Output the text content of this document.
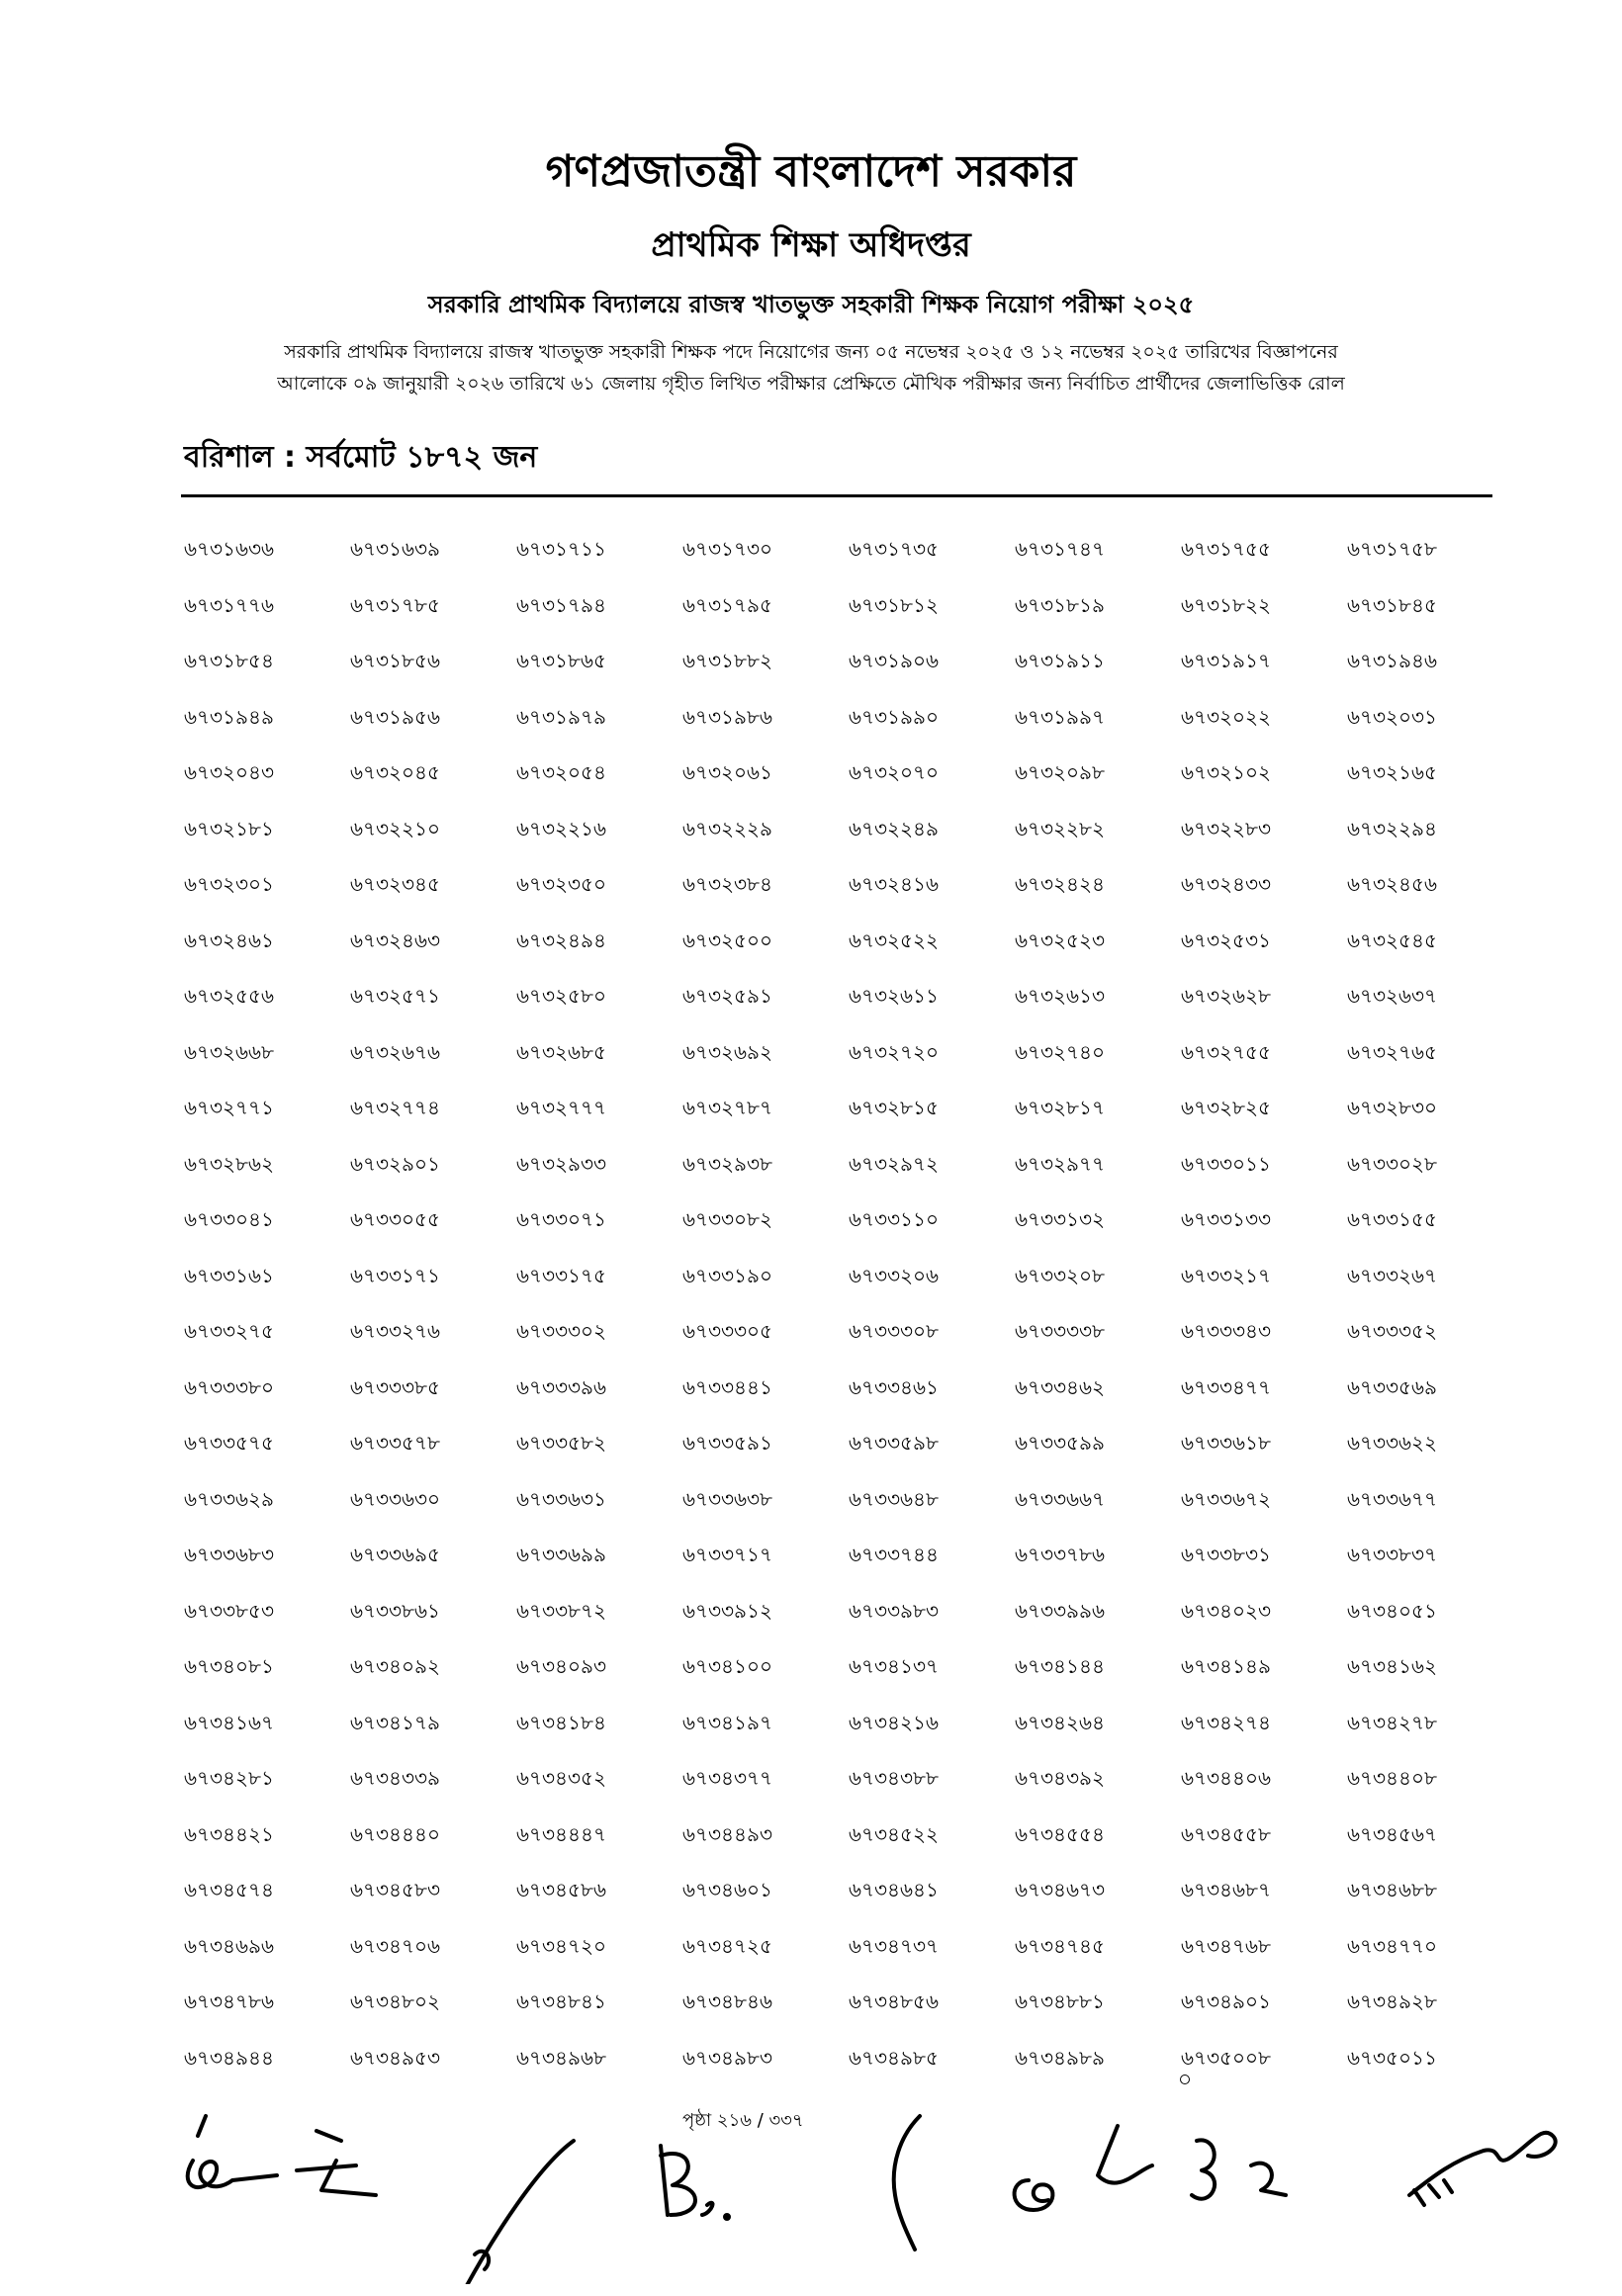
গণপ্রজাতন্ত্রী বাংলাদেশ সরকার
প্রাথমিক শিক্ষা অধিদপ্তর
সরকারি প্রাথমিক বিদ্যালয়ে রাজস্ব খাতভুক্ত সহকারী শিক্ষক নিয়োগ পরীক্ষা ২০২৫
সরকারি প্রাথমিক বিদ্যালয়ে রাজস্ব খাতভুক্ত সহকারী শিক্ষক পদে নিয়োগের জন্য ০৫ নভেম্বর ২০২৫ ও ১২ নভেম্বর ২০২৫ তারিখের বিজ্ঞাপনের
আলোকে ০৯ জানুয়ারী ২০২৬ তারিখে ৬১ জেলায় গৃহীত লিখিত পরীক্ষার প্রেক্ষিতে মৌখিক পরীক্ষার জন্য নির্বাচিত প্রার্থীদের জেলাভিত্তিক রোল
বরিশাল : সর্বমোট ১৮৭২ জন
৬৭৩১৬৩৬	৬৭৩১৬৩৯	৬৭৩১৭১১	৬৭৩১৭৩০	৬৭৩১৭৩৫	৬৭৩১৭৪৭	৬৭৩১৭৫৫	৬৭৩১৭৫৮
৬৭৩১৭৭৬	৬৭৩১৭৮৫	৬৭৩১৭৯৪	৬৭৩১৭৯৫	৬৭৩১৮১২	৬৭৩১৮১৯	৬৭৩১৮২২	৬৭৩১৮৪৫
৬৭৩১৮৫৪	৬৭৩১৮৫৬	৬৭৩১৮৬৫	৬৭৩১৮৮২	৬৭৩১৯০৬	৬৭৩১৯১১	৬৭৩১৯১৭	৬৭৩১৯৪৬
৬৭৩১৯৪৯	৬৭৩১৯৫৬	৬৭৩১৯৭৯	৬৭৩১৯৮৬	৬৭৩১৯৯০	৬৭৩১৯৯৭	৬৭৩২০২২	৬৭৩২০৩১
৬৭৩২০৪৩	৬৭৩২০৪৫	৬৭৩২০৫৪	৬৭৩২০৬১	৬৭৩২০৭০	৬৭৩২০৯৮	৬৭৩২১০২	৬৭৩২১৬৫
৬৭৩২১৮১	৬৭৩২২১০	৬৭৩২২১৬	৬৭৩২২২৯	৬৭৩২২৪৯	৬৭৩২২৮২	৬৭৩২২৮৩	৬৭৩২২৯৪
৬৭৩২৩০১	৬৭৩২৩৪৫	৬৭৩২৩৫০	৬৭৩২৩৮৪	৬৭৩২৪১৬	৬৭৩২৪২৪	৬৭৩২৪৩৩	৬৭৩২৪৫৬
৬৭৩২৪৬১	৬৭৩২৪৬৩	৬৭৩২৪৯৪	৬৭৩২৫০০	৬৭৩২৫২২	৬৭৩২৫২৩	৬৭৩২৫৩১	৬৭৩২৫৪৫
৬৭৩২৫৫৬	৬৭৩২৫৭১	৬৭৩২৫৮০	৬৭৩২৫৯১	৬৭৩২৬১১	৬৭৩২৬১৩	৬৭৩২৬২৮	৬৭৩২৬৩৭
৬৭৩২৬৬৮	৬৭৩২৬৭৬	৬৭৩২৬৮৫	৬৭৩২৬৯২	৬৭৩২৭২০	৬৭৩২৭৪০	৬৭৩২৭৫৫	৬৭৩২৭৬৫
৬৭৩২৭৭১	৬৭৩২৭৭৪	৬৭৩২৭৭৭	৬৭৩২৭৮৭	৬৭৩২৮১৫	৬৭৩২৮১৭	৬৭৩২৮২৫	৬৭৩২৮৩০
৬৭৩২৮৬২	৬৭৩২৯০১	৬৭৩২৯৩৩	৬৭৩২৯৩৮	৬৭৩২৯৭২	৬৭৩২৯৭৭	৬৭৩৩০১১	৬৭৩৩০২৮
৬৭৩৩০৪১	৬৭৩৩০৫৫	৬৭৩৩০৭১	৬৭৩৩০৮২	৬৭৩৩১১০	৬৭৩৩১৩২	৬৭৩৩১৩৩	৬৭৩৩১৫৫
৬৭৩৩১৬১	৬৭৩৩১৭১	৬৭৩৩১৭৫	৬৭৩৩১৯০	৬৭৩৩২০৬	৬৭৩৩২০৮	৬৭৩৩২১৭	৬৭৩৩২৬৭
৬৭৩৩২৭৫	৬৭৩৩২৭৬	৬৭৩৩৩০২	৬৭৩৩৩০৫	৬৭৩৩৩০৮	৬৭৩৩৩৩৮	৬৭৩৩৩৪৩	৬৭৩৩৩৫২
৬৭৩৩৩৮০	৬৭৩৩৩৮৫	৬৭৩৩৩৯৬	৬৭৩৩৪৪১	৬৭৩৩৪৬১	৬৭৩৩৪৬২	৬৭৩৩৪৭৭	৬৭৩৩৫৬৯
৬৭৩৩৫৭৫	৬৭৩৩৫৭৮	৬৭৩৩৫৮২	৬৭৩৩৫৯১	৬৭৩৩৫৯৮	৬৭৩৩৫৯৯	৬৭৩৩৬১৮	৬৭৩৩৬২২
৬৭৩৩৬২৯	৬৭৩৩৬৩০	৬৭৩৩৬৩১	৬৭৩৩৬৩৮	৬৭৩৩৬৪৮	৬৭৩৩৬৬৭	৬৭৩৩৬৭২	৬৭৩৩৬৭৭
৬৭৩৩৬৮৩	৬৭৩৩৬৯৫	৬৭৩৩৬৯৯	৬৭৩৩৭১৭	৬৭৩৩৭৪৪	৬৭৩৩৭৮৬	৬৭৩৩৮৩১	৬৭৩৩৮৩৭
৬৭৩৩৮৫৩	৬৭৩৩৮৬১	৬৭৩৩৮৭২	৬৭৩৩৯১২	৬৭৩৩৯৮৩	৬৭৩৩৯৯৬	৬৭৩৪০২৩	৬৭৩৪০৫১
৬৭৩৪০৮১	৬৭৩৪০৯২	৬৭৩৪০৯৩	৬৭৩৪১০০	৬৭৩৪১৩৭	৬৭৩৪১৪৪	৬৭৩৪১৪৯	৬৭৩৪১৬২
৬৭৩৪১৬৭	৬৭৩৪১৭৯	৬৭৩৪১৮৪	৬৭৩৪১৯৭	৬৭৩৪২১৬	৬৭৩৪২৬৪	৬৭৩৪২৭৪	৬৭৩৪২৭৮
৬৭৩৪২৮১	৬৭৩৪৩৩৯	৬৭৩৪৩৫২	৬৭৩৪৩৭৭	৬৭৩৪৩৮৮	৬৭৩৪৩৯২	৬৭৩৪৪০৬	৬৭৩৪৪০৮
৬৭৩৪৪২১	৬৭৩৪৪৪০	৬৭৩৪৪৪৭	৬৭৩৪৪৯৩	৬৭৩৪৫২২	৬৭৩৪৫৫৪	৬৭৩৪৫৫৮	৬৭৩৪৫৬৭
৬৭৩৪৫৭৪	৬৭৩৪৫৮৩	৬৭৩৪৫৮৬	৬৭৩৪৬০১	৬৭৩৪৬৪১	৬৭৩৪৬৭৩	৬৭৩৪৬৮৭	৬৭৩৪৬৮৮
৬৭৩৪৬৯৬	৬৭৩৪৭০৬	৬৭৩৪৭২০	৬৭৩৪৭২৫	৬৭৩৪৭৩৭	৬৭৩৪৭৪৫	৬৭৩৪৭৬৮	৬৭৩৪৭৭০
৬৭৩৪৭৮৬	৬৭৩৪৮০২	৬৭৩৪৮৪১	৬৭৩৪৮৪৬	৬৭৩৪৮৫৬	৬৭৩৪৮৮১	৬৭৩৪৯০১	৬৭৩৪৯২৮
৬৭৩৪৯৪৪	৬৭৩৪৯৫৩	৬৭৩৪৯৬৮	৬৭৩৪৯৮৩	৬৭৩৪৯৮৫	৬৭৩৪৯৮৯	৬৭৩৫০০৮	৬৭৩৫০১১
পৃষ্ঠা ২১৬ / ৩৩৭
